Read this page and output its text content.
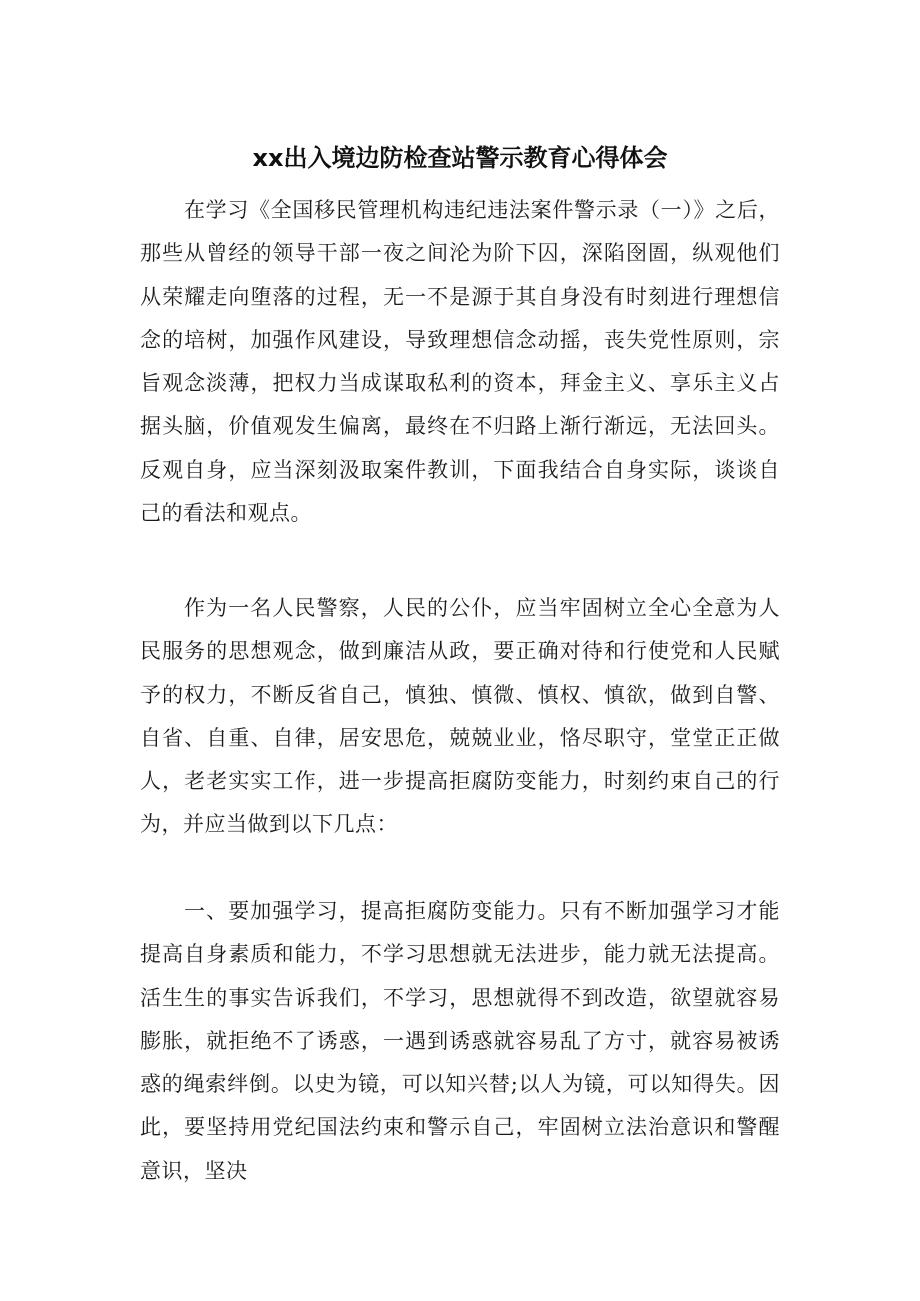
xx出入境边防检查站警示教育心得体会

在学习《全国移民管理机构违纪违法案件警示录（一）》之后，那些从曾经的领导干部一夜之间沦为阶下囚，深陷囹圄，纵观他们从荣耀走向堕落的过程，无一不是源于其自身没有时刻进行理想信念的培树，加强作风建设，导致理想信念动摇，丧失党性原则，宗旨观念淡薄，把权力当成谋取私利的资本，拜金主义、享乐主义占据头脑，价值观发生偏离，最终在不归路上渐行渐远，无法回头。反观自身，应当深刻汲取案件教训，下面我结合自身实际，谈谈自己的看法和观点。

作为一名人民警察，人民的公仆，应当牢固树立全心全意为人民服务的思想观念，做到廉洁从政，要正确对待和行使党和人民赋予的权力，不断反省自己，慎独、慎微、慎权、慎欲，做到自警、自省、自重、自律，居安思危，兢兢业业，恪尽职守，堂堂正正做人，老老实实工作，进一步提高拒腐防变能力，时刻约束自己的行为，并应当做到以下几点：

一、要加强学习，提高拒腐防变能力。只有不断加强学习才能提高自身素质和能力，不学习思想就无法进步，能力就无法提高。活生生的事实告诉我们，不学习，思想就得不到改造，欲望就容易膨胀，就拒绝不了诱惑，一遇到诱惑就容易乱了方寸，就容易被诱惑的绳索绊倒。以史为镜，可以知兴替;以人为镜，可以知得失。因此，要坚持用党纪国法约束和警示自己，牢固树立法治意识和警醒意识，坚决
